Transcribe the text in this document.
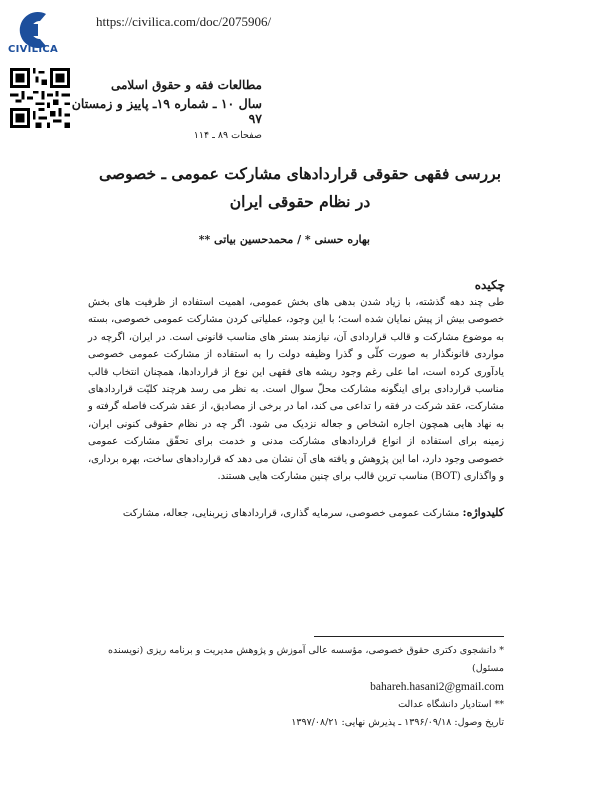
CIVILICA
https://civilica.com/doc/2075906/
مطالعات فقه و حقوق اسلامی
سال ۱۰ ـ شماره ۱۹ـ پاییز و زمستان ۹۷
صفحات ۸۹ ـ ۱۱۴
بررسی فقهی حقوقی قراردادهای مشارکت عمومی ـ خصوصی
در نظام حقوقی ایران
بهاره حسنی * / محمدحسین بیاتی **
چکیده
طی چند دهه گذشته، با زیاد شدن بدهی های بخش عمومی، اهمیت استفاده از ظرفیت های بخش خصوصی بیش از پیش نمایان شده است؛ با این وجود، عملیاتی کردن مشارکت عمومی خصوصی، بسته به موضوع مشارکت و قالب قراردادی آن، نیازمند بستر های مناسب قانونی است. در ایران، اگرچه در مواردی قانونگذار به صورت کلّی و گذرا وظیفه دولت را به استفاده از مشارکت عمومی خصوصی یادآوری کرده است، اما علی رغم وجود ریشه های فقهی این نوع از قراردادها، همچنان انتخاب قالب مناسب قراردادی برای اینگونه مشارکت محلّ سوال است. به نظر می رسد هرچند کلیّت قراردادهای مشارکت، عقد شرکت در فقه را تداعی می کند، اما در برخی از مصادیق، از عقد شرکت فاصله گرفته و به نهاد هایی همچون اجاره اشخاص و جعاله نزدیک می شود. اگر چه در نظام حقوقی کنونی ایران، زمینه برای استفاده از انواع قراردادهای مشارکت مدنی و خدمت برای تحقّق مشارکت عمومی خصوصی وجود دارد، اما این پژوهش و یافته های آن نشان می دهد که قراردادهای ساخت، بهره برداری، و واگذاری (BOT) مناسب ترین قالب برای چنین مشارکت هایی هستند.
کلیدواژه: مشارکت عمومی خصوصی، سرمایه گذاری، قراردادهای زیربنایی، جعاله، مشارکت
* دانشجوی دکتری حقوق خصوصی، مؤسسه عالی آموزش و پژوهش مدیریت و برنامه ریزی (نویسنده مسئول)
bahareh.hasani2@gmail.com
** استادیار دانشگاه عدالت
تاریخ وصول: ۱۳۹۶/۰۹/۱۸ ـ پذیرش نهایی: ۱۳۹۷/۰۸/۲۱
